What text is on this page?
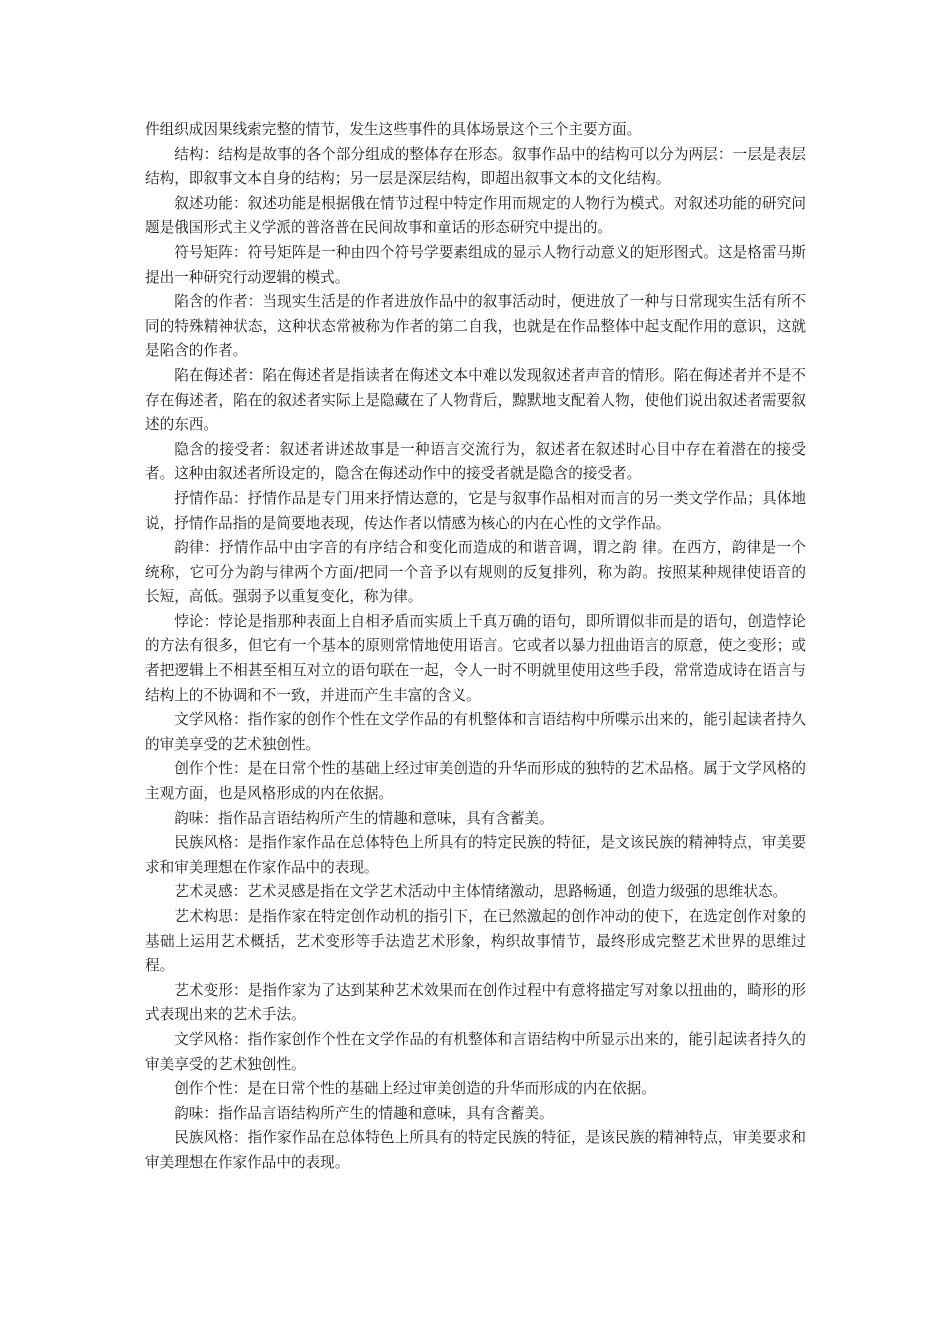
件组织成因果线索完整的情节，发生这些事件的具体场景这个三个主要方面。

结构：结构是故事的各个部分组成的整体存在形态。叙事作品中的结构可以分为两层：一层是表层结构，即叙事文本自身的结构；另一层是深层结构，即超出叙事文本的文化结构。

叙述功能：叙述功能是根据俄在情节过程中特定作用而规定的人物行为模式。对叙述功能的研究问题是俄国形式主义学派的普洛普在民间故事和童话的形态研究中提出的。

符号矩阵：符号矩阵是一种由四个符号学要素组成的显示人物行动意义的矩形图式。这是格雷马斯提出一种研究行动逻辑的模式。

陷含的作者：当现实生活是的作者进放作品中的叙事活动时，便进放了一种与日常现实生活有所不同的特殊精神状态，这种状态常被称为作者的第二自我，也就是在作品整体中起支配作用的意识，这就是陷含的作者。

陷在侮述者：陷在侮述者是指读者在侮述文本中难以发现叙述者声音的情形。陷在侮述者并不是不存在侮述者，陷在的叙述者实际上是隐藏在了人物背后，黥默地支配着人物，使他们说出叙述者需要叙述的东西。

隐含的接受者：叙述者讲述故事是一种语言交流行为，叙述者在叙述时心目中存在着潜在的接受者。这种由叙述者所设定的，隐含在侮述动作中的接受者就是隐含的接受者。

抒情作品：抒情作品是专门用来抒情达意的，它是与叙事作品相对而言的另一类文学作品；具体地说，抒情作品指的是简要地表现，传达作者以情感为核心的内在心性的文学作品。

韵律：抒情作品中由字音的有序结合和变化而造成的和谐音调，谓之韵 律。在西方，韵律是一个统称，它可分为韵与律两个方面/把同一个音予以有规则的反复排列，称为韵。按照某种规律使语音的长短，高低。强弱予以重复变化，称为律。

悖论：悖论是指那种表面上自相矛盾而实质上千真万确的语句，即所谓似非而是的语句，创造悖论的方法有很多，但它有一个基本的原则常情地使用语言。它或者以暴力扭曲语言的原意，使之变形；或者把逻辑上不相甚至相互对立的语句联在一起，令人一时不明就里使用这些手段，常常造成诗在语言与结构上的不协调和不一致，并进而产生丰富的含义。

文学风格：指作家的创作个性在文学作品的有机整体和言语结构中所喋示出来的，能引起读者持久的审美享受的艺术独创性。

创作个性：是在日常个性的基础上经过审美创造的升华而形成的独特的艺术品格。属于文学风格的主观方面，也是风格形成的内在依据。

韵味：指作品言语结构所产生的情趣和意味，具有含蓄美。

民族风格：是指作家作品在总体特色上所具有的特定民族的特征，是文该民族的精神特点，审美要求和审美理想在作家作品中的表现。

艺术灵感：艺术灵感是指在文学艺术活动中主体情绪激动，思路畅通，创造力级强的思维状态。

艺术构思：是指作家在特定创作动机的指引下，在已然激起的创作冲动的使下，在选定创作对象的基础上运用艺术概括，艺术变形等手法造艺术形象，构织故事情节，最终形成完整艺术世界的思维过程。

艺术变形：是指作家为了达到某种艺术效果而在创作过程中有意将描定写对象以扭曲的，畸形的形式表现出来的艺术手法。

文学风格：指作家创作个性在文学作品的有机整体和言语结构中所显示出来的，能引起读者持久的审美享受的艺术独创性。

创作个性：是在日常个性的基础上经过审美创造的升华而形成的内在依据。

韵味：指作品言语结构所产生的情趣和意味，具有含蓄美。

民族风格：指作家作品在总体特色上所具有的特定民族的特征，是该民族的精神特点，审美要求和审美理想在作家作品中的表现。
